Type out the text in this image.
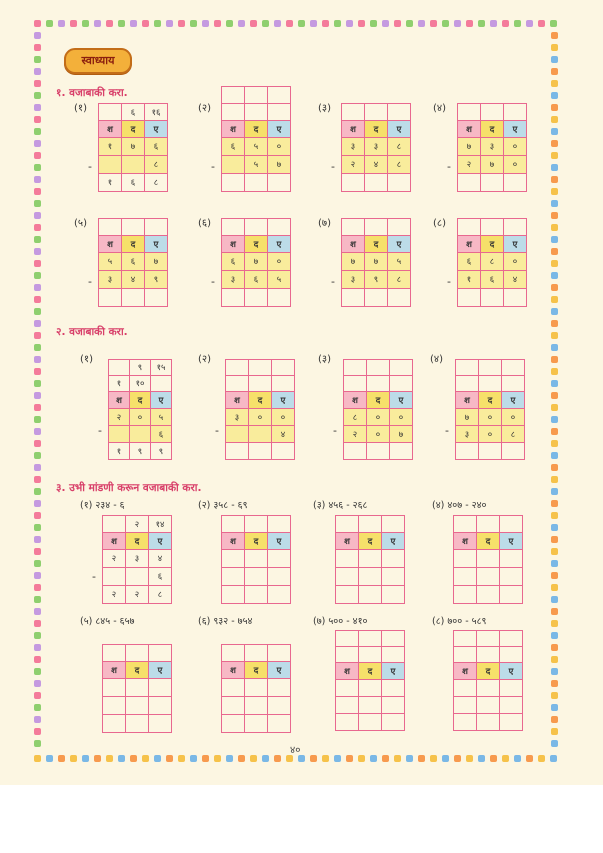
स्वाध्याय
१. वजाबाकी करा.
(१)	(२)	(३)	(४)
	६	१६
श	द	ए
१	७	६
		८
१	६	८
-

श	द	ए
६	५	०
	५	७

-

श	द	ए
३	३	८
२	४	८

-

श	द	ए
७	३	०
२	७	०

-
(५)	(६)	(७)	(८)

श	द	ए
५	६	७
३	४	९

-

श	द	ए
६	७	०
३	६	५

-

श	द	ए
७	७	५
३	९	८

-

श	द	ए
६	८	०
१	६	४

-
२. वजाबाकी करा.
(१)	(२)	(३)	(४)
	९	१५
१	१०	
श	द	ए
२	०	५
		६
१	९	९
-

श	द	ए
३	०	०
		४

-

श	द	ए
८	०	०
२	०	७

-

श	द	ए
७	०	०
३	०	८

-
३. उभी मांडणी करून वजाबाकी करा.
(१) २३४ - ६	(२) ३५८ - ६९	(३) ४५६ - २६८	(४) ४०७ - २४०
	२	१४
श	द	ए
२	३	४
		६
२	२	८
-

श	द	ए

			श	द	ए

			श	द	ए

(५) ८४५ - ६५७	(६) ९३२ - ७५४	(७) ५०० - ४१०	(८) ७०० - ५८९

श	द	ए

			श	द	ए

			श	द	ए

			श	द	ए

४०
